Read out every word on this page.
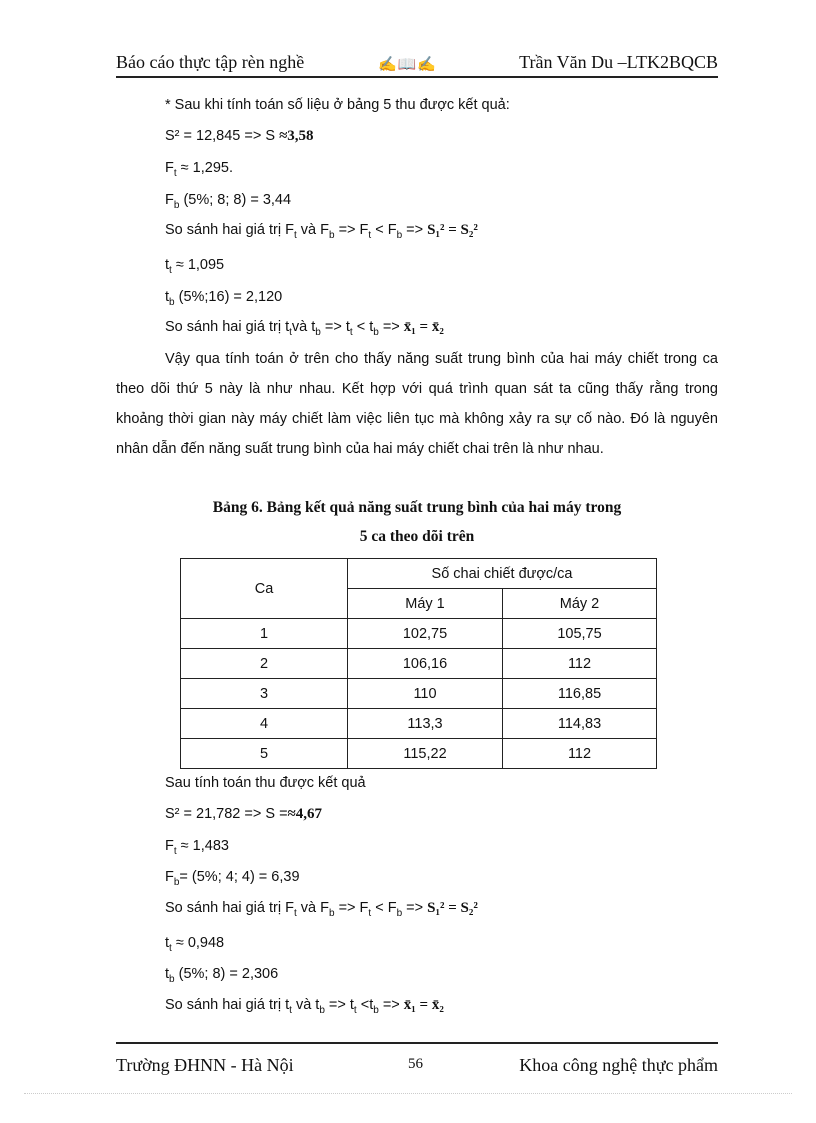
Báo cáo thực tập rèn nghề	✍📖✍	Trần Văn Du –LTK2BQCB
* Sau khi tính toán số liệu ở bảng 5 thu được kết quả:
S² = 12,845 => S ≈3,58
$F_t \approx 1,295$.
$F_b$ (5%; 8; 8) = 3,44
So sánh hai giá trị $F_t$ và $F_b => F_t < F_b => S_1^2 = S_2^2$
$t_t \approx 1,095$
$t_b$ (5%;16) = 2,120
So sánh hai giá trị $t_tvà$ $t_b => t_t < t_b$ => x̄₁ = x̄₂
Vậy qua tính toán ở trên cho thấy năng suất trung bình của hai máy chiết trong ca theo dõi thứ 5 này là như nhau. Kết hợp với quá trình quan sát ta cũng thấy rằng trong khoảng thời gian này máy chiết làm việc liên tục mà không xảy ra sự cố nào. Đó là nguyên nhân dẫn đến năng suất trung bình của hai máy chiết chai trên là như nhau.
Bảng 6. Bảng kết quả năng suất trung bình của hai máy trong
5 ca theo dõi trên
Ca	Số chai chiết được/ca	
	Máy 1	Máy 2
1	102,75	105,75
2	106,16	112
3	110	116,85
4	113,3	114,83
5	115,22	112
Sau tính toán thu được kết quả
S² = 21,782 => S =≈4,67
$F_t \approx 1,483$
$F_b= (5\%$; 4; 4) = 6,39
So sánh hai giá trị $F_t$ và $F_b => F_t < F_b => S_1^2 = S_2^2$
$t_t \approx 0,948$
$t_b$ (5%; 8) = 2,306
So sánh hai giá trị $t_t$ và $t_b => t_t <t_b$ => x̄₁ = x̄₂
Trường ĐHNN - Hà Nội	56	Khoa công nghệ thực phẩm
